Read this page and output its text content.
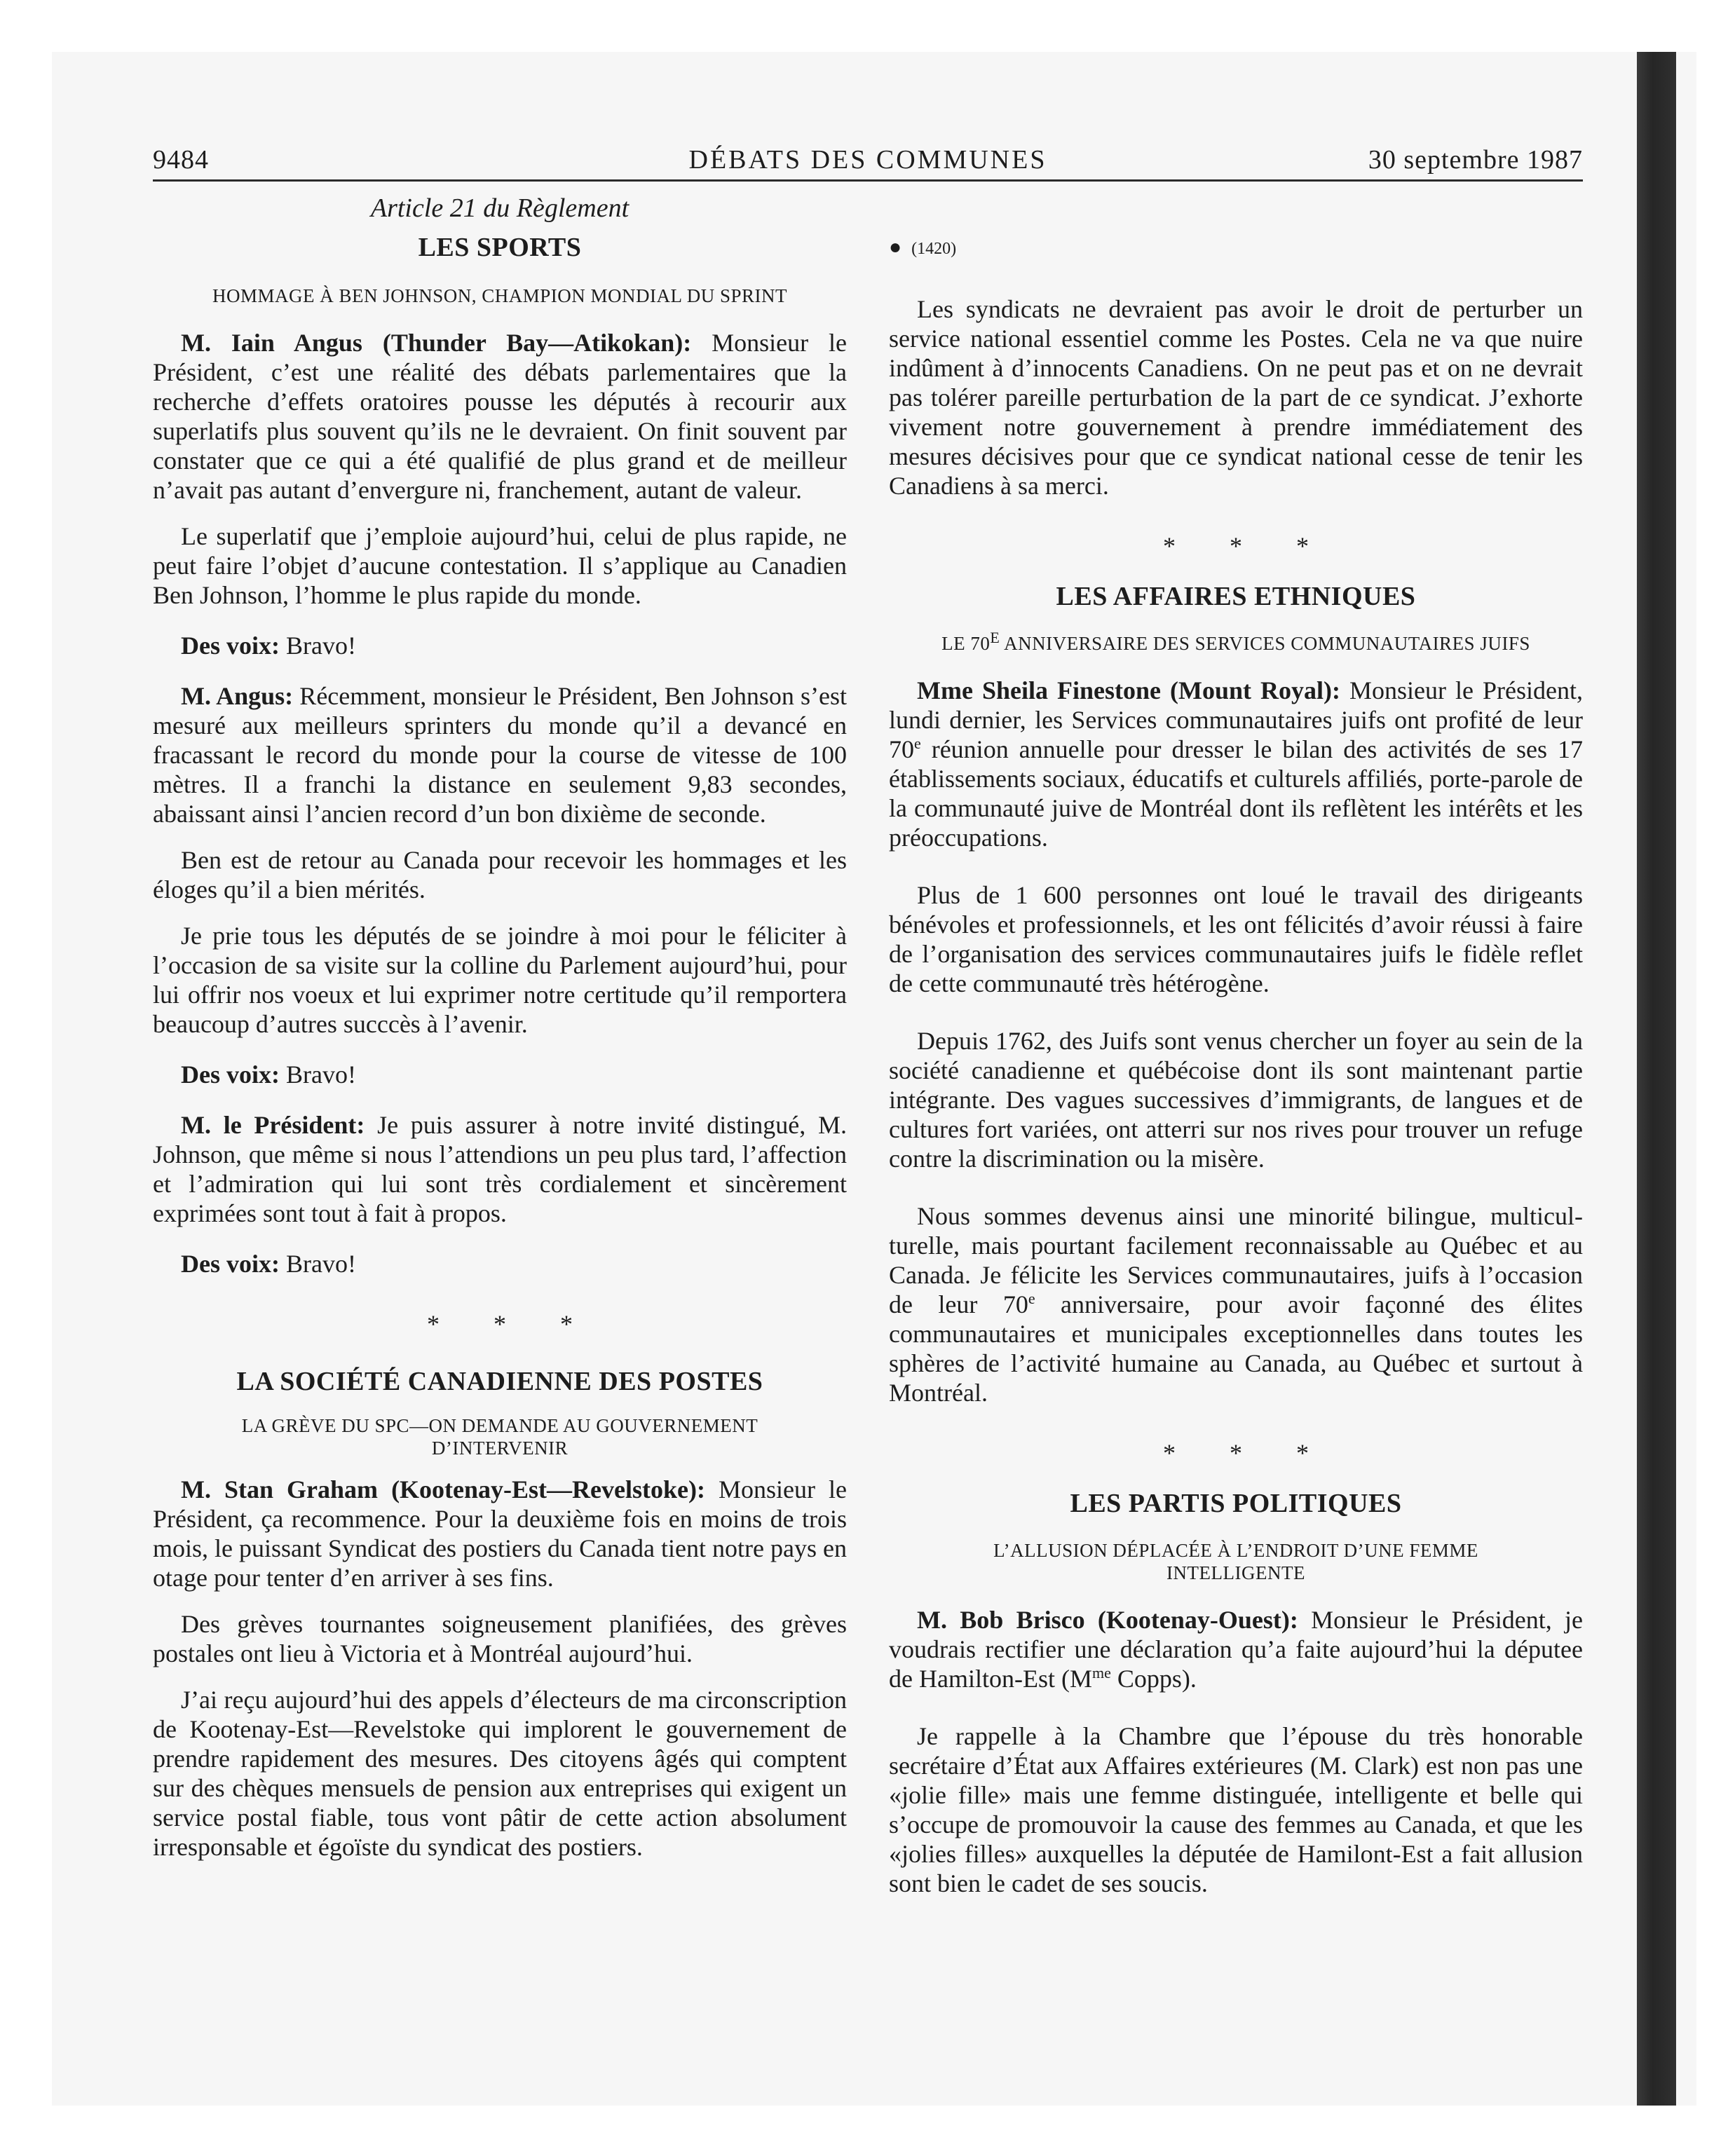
9484	DÉBATS DES COMMUNES	30 septembre 1987
Article 21 du Règlement
LES SPORTS
HOMMAGE À BEN JOHNSON, CHAMPION MONDIAL DU SPRINT

M. Iain Angus (Thunder Bay—Atikokan): Monsieur le Président, c’est une réalité des débats parlementaires que la recherche d’effets oratoires pousse les députés à recourir aux superlatifs plus souvent qu’ils ne le devraient. On finit souvent par constater que ce qui a été qualifié de plus grand et de meilleur n’avait pas autant d’envergure ni, franchement, autant de valeur.

Le superlatif que j’emploie aujourd’hui, celui de plus rapide, ne peut faire l’objet d’aucune contestation. Il s’applique au Canadien Ben Johnson, l’homme le plus rapide du monde.

Des voix: Bravo!

M. Angus: Récemment, monsieur le Président, Ben Johnson s’est mesuré aux meilleurs sprinters du monde qu’il a devancé en fracassant le record du monde pour la course de vitesse de 100 mètres. Il a franchi la distance en seulement 9,83 secondes, abaissant ainsi l’ancien record d’un bon dixième de seconde.

Ben est de retour au Canada pour recevoir les hommages et les éloges qu’il a bien mérités.

Je prie tous les députés de se joindre à moi pour le féliciter à l’occasion de sa visite sur la colline du Parlement aujourd’hui, pour lui offrir nos voeux et lui exprimer notre certitude qu’il remportera beaucoup d’autres succcès à l’avenir.

Des voix: Bravo!

M. le Président: Je puis assurer à notre invité distingué, M. Johnson, que même si nous l’attendions un peu plus tard, l’affection et l’admiration qui lui sont très cordialement et sincèrement exprimées sont tout à fait à propos.

Des voix: Bravo!

* * *
LA SOCIÉTÉ CANADIENNE DES POSTES
LA GRÈVE DU SPC—ON DEMANDE AU GOUVERNEMENT
D’INTERVENIR

M. Stan Graham (Kootenay-Est—Revelstoke): Monsieur le Président, ça recommence. Pour la deuxième fois en moins de trois mois, le puissant Syndicat des postiers du Canada tient notre pays en otage pour tenter d’en arriver à ses fins.

Des grèves tournantes soigneusement planifiées, des grèves postales ont lieu à Victoria et à Montréal aujourd’hui.

J’ai reçu aujourd’hui des appels d’électeurs de ma circonscription de Kootenay-Est—Revelstoke qui implorent le gouvernement de prendre rapidement des mesures. Des citoyens âgés qui comptent sur des chèques mensuels de pension aux entreprises qui exigent un service postal fiable, tous vont pâtir de cette action absolument irresponsable et égoïste du syndicat des postiers.

● (1420)

Les syndicats ne devraient pas avoir le droit de perturber un service national essentiel comme les Postes. Cela ne va que nuire indûment à d’innocents Canadiens. On ne peut pas et on ne devrait pas tolérer pareille perturbation de la part de ce syndicat. J’exhorte vivement notre gouvernement à prendre immédiatement des mesures décisives pour que ce syndicat national cesse de tenir les Canadiens à sa merci.

* * *
LES AFFAIRES ETHNIQUES
LE $70^E$ ANNIVERSAIRE DES SERVICES COMMUNAUTAIRES JUIFS

Mme Sheila Finestone (Mount Royal): Monsieur le Président, lundi dernier, les Services communautaires juifs ont profité de leur 70e réunion annuelle pour dresser le bilan des activités de ses 17 établissements sociaux, éducatifs et culturels affiliés, porte-parole de la communauté juive de Montréal dont ils reflètent les intérêts et les préoccupations.

Plus de 1 600 personnes ont loué le travail des dirigeants bénévoles et professionnels, et les ont félicités d’avoir réussi à faire de l’organisation des services communautaires juifs le fidèle reflet de cette communauté très hétérogène.

Depuis 1762, des Juifs sont venus chercher un foyer au sein de la société canadienne et québécoise dont ils sont maintenant partie intégrante. Des vagues successives d’immigrants, de langues et de cultures fort variées, ont atterri sur nos rives pour trouver un refuge contre la discrimination ou la misère.

Nous sommes devenus ainsi une minorité bilingue, multiculturelle, mais pourtant facilement reconnaissable au Québec et au Canada. Je félicite les Services communautaires, juifs à l’occasion de leur 70e anniversaire, pour avoir façonné des élites communautaires et municipales exceptionnelles dans toutes les sphères de l’activité humaine au Canada, au Québec et surtout à Montréal.

* * *
LES PARTIS POLITIQUES
L’ALLUSION DÉPLACÉE À L’ENDROIT D’UNE FEMME
INTELLIGENTE

M. Bob Brisco (Kootenay-Ouest): Monsieur le Président, je voudrais rectifier une déclaration qu’a faite aujourd’hui la députee de Hamilton-Est ($M^{me}$ Copps).

Je rappelle à la Chambre que l’épouse du très honorable secrétaire d’État aux Affaires extérieures (M. Clark) est non pas une «jolie fille» mais une femme distinguée, intelligente et belle qui s’occupe de promouvoir la cause des femmes au Canada, et que les «jolies filles» auxquelles la députée de Hamilont-Est a fait allusion sont bien le cadet de ses soucis.
